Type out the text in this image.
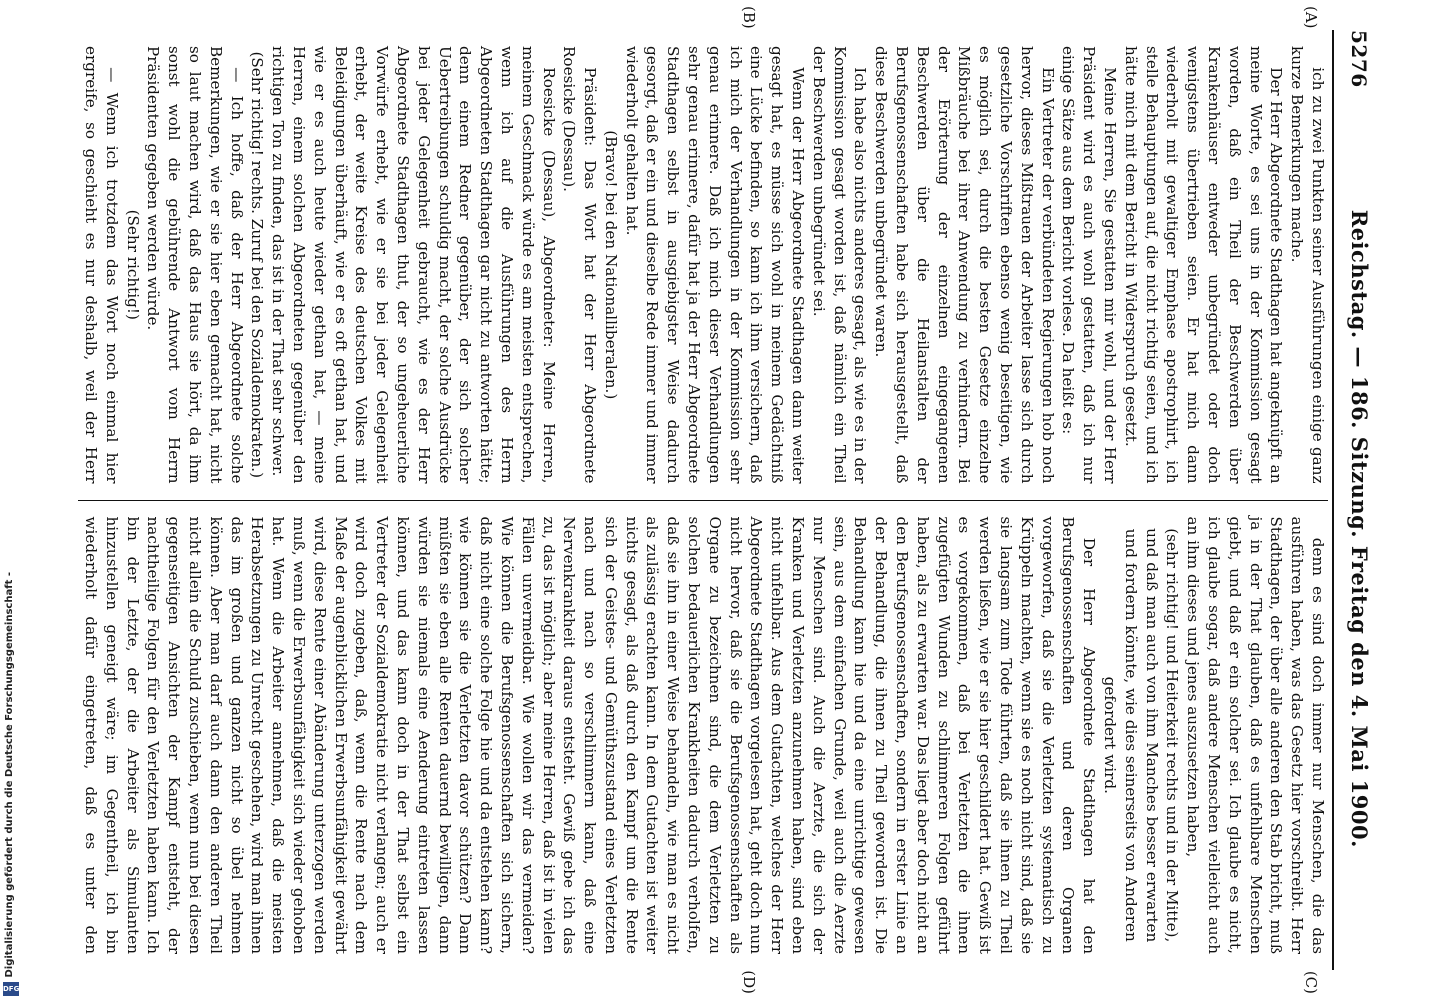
Digitalisierung gefördert durch die Deutsche Forschungsgemeinschaft -
DFG
5276
Reichstag. — 186. Sitzung. Freitag den 4. Mai 1900.
(A)
(B)
(C)
(D)

ich zu zwei Punkten seiner Ausführungen einige ganz kurze Bemerkungen mache.

Der Herr Abgeordnete Stadthagen hat angeknüpft an meine Worte, es sei uns in der Kommission gesagt worden, daß ein Theil der Beschwerden über Krankenhäuser entweder unbegründet oder doch wenigstens übertrieben seien. Er hat mich dann wiederholt mit gewaltiger Emphase apostrophirt, ich stelle Behauptungen auf, die nicht richtig seien, und ich hätte mich mit dem Bericht in Widerspruch gesetzt.

Meine Herren, Sie gestatten mir wohl, und der Herr Präsident wird es auch wohl gestatten, daß ich nur einige Sätze aus dem Bericht vorlese. Da heißt es:

Ein Vertreter der verbündeten Regierungen hob noch hervor, dieses Mißtrauen der Arbeiter lasse sich durch gesetzliche Vorschriften ebenso wenig beseitigen, wie es möglich sei, durch die besten Gesetze einzelne Mißbräuche bei ihrer Anwendung zu verhindern. Bei der Erörterung der einzelnen eingegangenen Beschwerden über die Heilanstalten der Berufsgenossenschaften habe sich herausgestellt, daß diese Beschwerden unbegründet waren.

Ich habe also nichts anderes gesagt, als wie es in der Kommission gesagt worden ist, daß nämlich ein Theil der Beschwerden unbegründet sei.

Wenn der Herr Abgeordnete Stadthagen dann weiter gesagt hat, es müsse sich wohl in meinem Gedächtniß eine Lücke befinden, so kann ich ihm versichern, daß ich mich der Verhandlungen in der Kommission sehr genau erinnere. Daß ich mich dieser Verhandlungen sehr genau erinnere, dafür hat ja der Herr Abgeordnete Stadthagen selbst in ausgiebigster Weise dadurch gesorgt, daß er ein und dieselbe Rede immer und immer wiederholt gehalten hat.

(Bravo! bei den Nationalliberalen.)

Präsident: Das Wort hat der Herr Abgeordnete Roesicke (Dessau).

Roesicke (Dessau), Abgeordneter: Meine Herren, meinem Geschmack würde es am meisten entsprechen, wenn ich auf die Ausführungen des Herrn Abgeordneten Stadthagen gar nicht zu antworten hätte; denn einem Redner gegenüber, der sich solcher Uebertreibungen schuldig macht, der solche Ausdrücke bei jeder Gelegenheit gebraucht, wie es der Herr Abgeordnete Stadthagen thut, der so ungeheuerliche Vorwürfe erhebt, wie er sie bei jeder Gelegenheit erhebt, der weite Kreise des deutschen Volkes mit Beleidigungen überhäuft, wie er es oft gethan hat, und wie er es auch heute wieder gethan hat, — meine Herren, einem solchen Abgeordneten gegenüber den richtigen Ton zu finden, das ist in der That sehr schwer.

(Sehr richtig! rechts. Zuruf bei den Sozialdemokraten.)

— Ich hoffe, daß der Herr Abgeordnete solche Bemerkungen, wie er sie hier eben gemacht hat, nicht so laut machen wird, daß das Haus sie hört, da ihm sonst wohl die gebührende Antwort vom Herrn Präsidenten gegeben werden würde.

(Sehr richtig!)

— Wenn ich trotzdem das Wort noch einmal hier ergreife, so geschieht es nur deshalb, weil der Herr

denn es sind doch immer nur Menschen, die das ausführen haben, was das Gesetz hier vorschreibt. Herr Stadthagen, der über alle anderen den Stab bricht, muß ja in der That glauben, daß es unfehlbare Menschen giebt, und daß er ein solcher sei. Ich glaube es nicht, ich glaube sogar, daß andere Menschen vielleicht auch an ihm dieses und jenes auszusetzen haben,

(sehr richtig! und Heiterkeit rechts und in der Mitte), und daß man auch von ihm Manches besser erwarten und fordern könnte, wie dies seinerseits von Anderen gefordert wird.

Der Herr Abgeordnete Stadthagen hat den Berufsgenossenschaften und deren Organen vorgeworfen, daß sie die Verletzten systematisch zu Krüppeln machten, wenn sie es noch nicht sind, daß sie sie langsam zum Tode führten, daß sie ihnen zu Theil werden ließen, wie er sie hier geschildert hat. Gewiß ist es vorgekommen, daß bei Verletzten die ihnen zugefügten Wunden zu schlimmeren Folgen geführt haben, als zu erwarten war. Das liegt aber doch nicht an den Berufsgenossenschaften, sondern in erster Linie an der Behandlung, die ihnen zu Theil geworden ist. Die Behandlung kann hie und da eine unrichtige gewesen sein, aus dem einfachen Grunde, weil auch die Aerzte nur Menschen sind. Auch die Aerzte, die sich der Kranken und Verletzten anzunehmen haben, sind eben nicht unfehlbar. Aus dem Gutachten, welches der Herr Abgeordnete Stadthagen vorgelesen hat, geht doch nun nicht hervor, daß sie die Berufsgenossenschaften als Organe zu bezeichnen sind, die dem Verletzten zu solchen bedauerlichen Krankheiten dadurch verholfen, daß sie ihn in einer Weise behandeln, wie man es nicht als zulässig erachten kann. In dem Gutachten ist weiter nichts gesagt, als daß durch den Kampf um die Rente sich der Geistes- und Gemüthszustand eines Verletzten nach und nach so verschlimmern kann, daß eine Nervenkrankheit daraus entsteht. Gewiß gebe ich das zu, das ist möglich; aber meine Herren, daß ist in vielen Fällen unvermeidbar. Wie wollen wir das vermeiden? Wie können die Berufsgenossenschaften sich sichern, daß nicht eine solche Folge hie und da entstehen kann? wie können sie die Verletzten davor schützen? Dann müßten sie eben alle Renten dauernd bewilligen, dann würden sie niemals eine Aenderung eintreten lassen können, und das kann doch in der That selbst ein Vertreter der Sozialdemokratie nicht verlangen; auch er wird doch zugeben, daß, wenn die Rente nach dem Maße der augenblicklichen Erwerbsunfähigkeit gewährt wird, diese Rente einer Abänderung unterzogen werden muß, wenn die Erwerbsunfähigkeit sich wieder gehoben hat. Wenn die Arbeiter annehmen, daß die meisten Herabsetzungen zu Unrecht geschehen, wird man ihnen das im großen und ganzen nicht so übel nehmen können. Aber man darf auch dann den anderen Theil nicht allein die Schuld zuschieben, wenn nun bei diesen gegenseitigen Ansichten der Kampf entsteht, der nachtheilige Folgen für den Verletzten haben kann. Ich bin der Letzte, der die Arbeiter als Simulanten hinzustellen geneigt wäre; im Gegentheil, ich bin wiederholt dafür eingetreten, daß es unter den
